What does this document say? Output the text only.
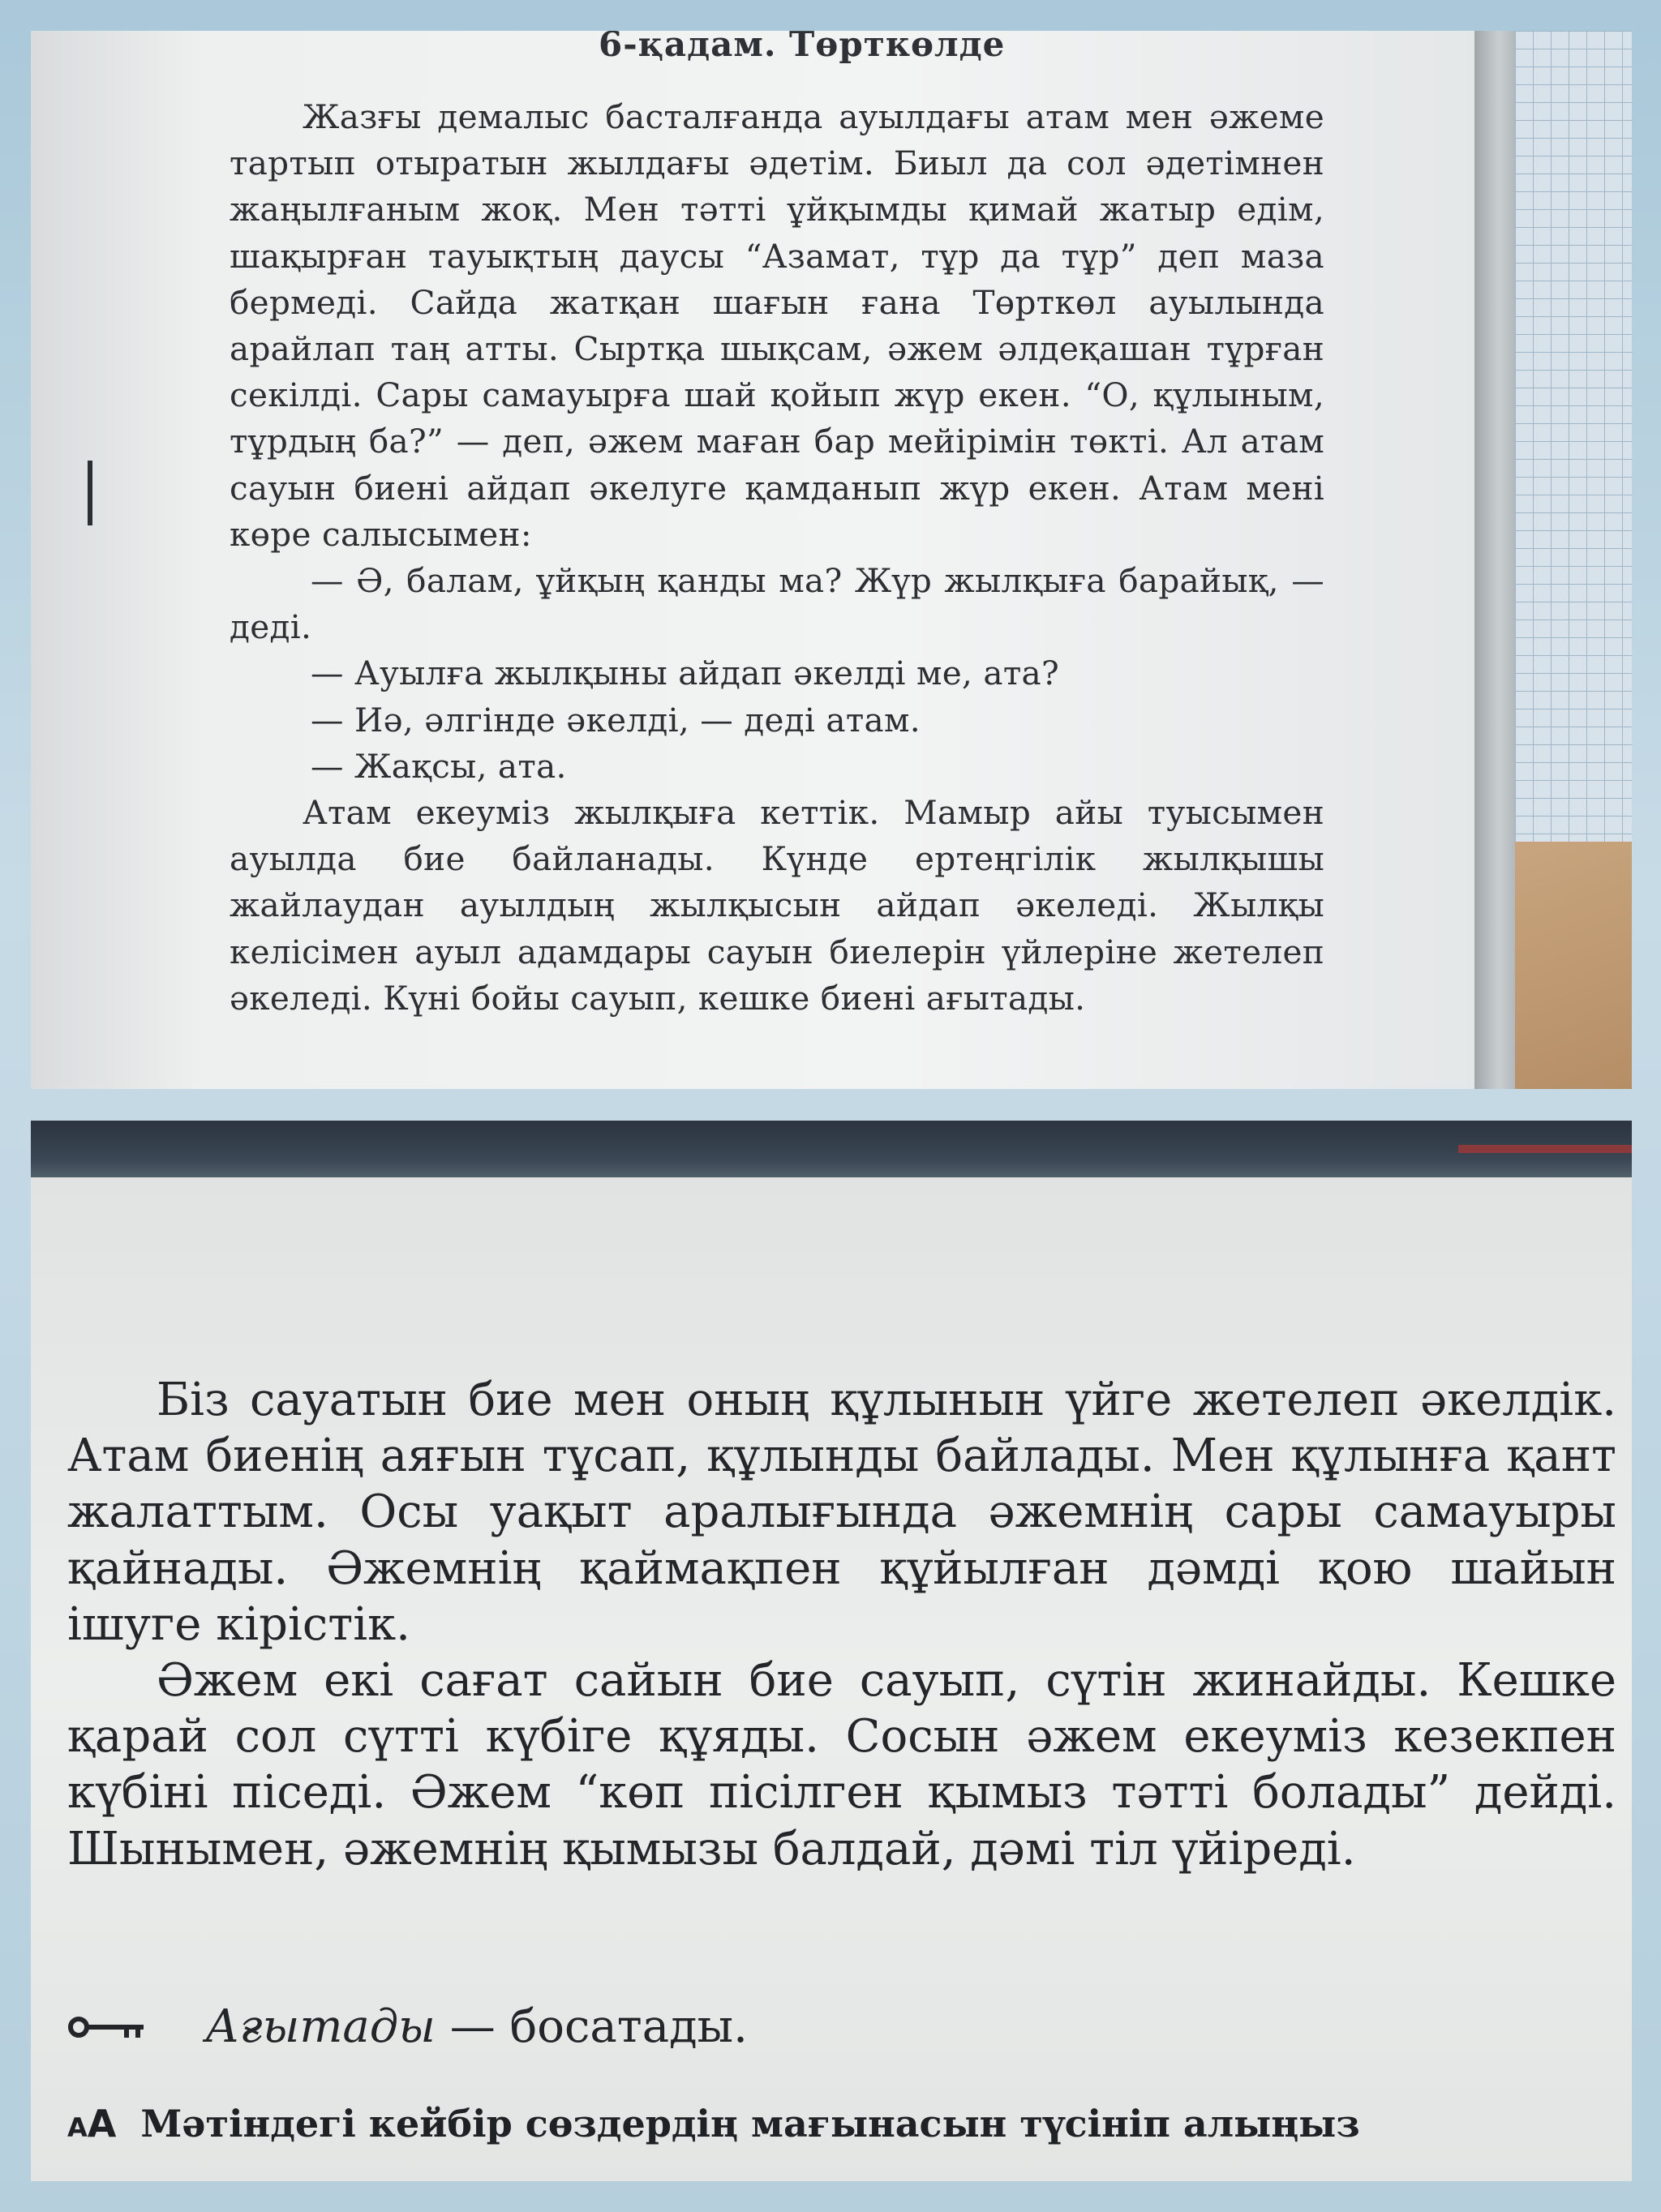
6-қадам. Төрткөлде

Жазғы демалыс басталғанда ауылдағы атам мен әжеме тартып отыратын жылдағы әдетім. Биыл да сол әдетімнен жаңылғаным жоқ. Мен тәтті ұйқымды қимай жатыр едім, шақырған тауықтың даусы “Азамат, тұр да тұр” деп маза бермеді. Сайда жатқан шағын ғана Төрткөл ауылында арайлап таң атты. Сыртқа шықсам, әжем әлдеқашан тұрған секілді. Сары самауырға шай қойып жүр екен. “О, құлыным, тұрдың ба?” — деп, әжем маған бар мейірімін төкті. Ал атам сауын биені айдап әкелуге қамданып жүр екен. Атам мені көре салысымен:

— Ә, балам, ұйқың қанды ма? Жүр жылқыға барайық, — деді.

— Ауылға жылқыны айдап әкелді ме, ата?

— Иә, әлгінде әкелді, — деді атам.

— Жақсы, ата.

Атам екеуміз жылқыға кеттік. Мамыр айы туысымен ауылда бие байланады. Күнде ертеңгілік жылқышы жайлаудан ауылдың жылқысын айдап әкеледі. Жылқы келісімен ауыл адамдары сауын биелерін үйлеріне жетелеп әкеледі. Күні бойы сауып, кешке биені ағытады.

Біз сауатын бие мен оның құлынын үйге жетелеп әкелдік. Атам биенің аяғын тұсап, құлынды байлады. Мен құлынға қант жалаттым. Осы уақыт аралығында әжемнің сары самауыры қайнады. Әжемнің қаймақпен құйылған дәмді қою шайын ішуге кірістік.

Әжем екі сағат сайын бие сауып, сүтін жинайды. Кешке қарай сол сүтті күбіге құяды. Сосын әжем екеуміз кезекпен күбіні піседі. Әжем “көп пісілген қымыз тәтті болады” дейді. Шынымен, әжемнің қымызы балдай, дәмі тіл үйіреді.

Ағытады — босатады.
AA Мәтіндегі кейбір сөздердің мағынасын түсініп алыңыз
